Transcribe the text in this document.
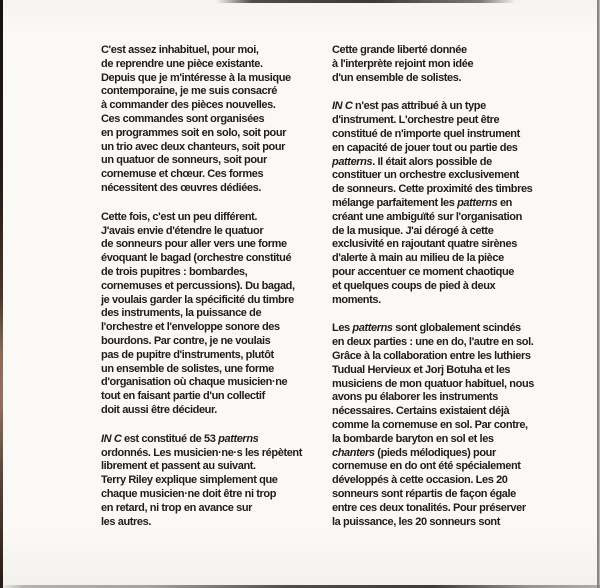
C'est assez inhabituel, pour moi,
de reprendre une pièce existante.
Depuis que je m'intéresse à la musique
contemporaine, je me suis consacré
à commander des pièces nouvelles.
Ces commandes sont organisées
en programmes soit en solo, soit pour
un trio avec deux chanteurs, soit pour
un quatuor de sonneurs, soit pour
cornemuse et chœur. Ces formes
nécessitent des œuvres dédiées.

Cette fois, c'est un peu différent.
J'avais envie d'étendre le quatuor
de sonneurs pour aller vers une forme
évoquant le bagad (orchestre constitué
de trois pupitres : bombardes,
cornemuses et percussions). Du bagad,
je voulais garder la spécificité du timbre
des instruments, la puissance de
l'orchestre et l'enveloppe sonore des
bourdons. Par contre, je ne voulais
pas de pupitre d'instruments, plutôt
un ensemble de solistes, une forme
d'organisation où chaque musicien·ne
tout en faisant partie d'un collectif
doit aussi être décideur.

IN C est constitué de 53 patterns
ordonnés. Les musicien·ne·s les répètent
librement et passent au suivant.
Terry Riley explique simplement que
chaque musicien·ne doit être ni trop
en retard, ni trop en avance sur
les autres.

Cette grande liberté donnée
à l'interprète rejoint mon idée
d'un ensemble de solistes.

IN C n'est pas attribué à un type
d'instrument. L'orchestre peut être
constitué de n'importe quel instrument
en capacité de jouer tout ou partie des
patterns. Il était alors possible de
constituer un orchestre exclusivement
de sonneurs. Cette proximité des timbres
mélange parfaitement les patterns en
créant une ambiguïté sur l'organisation
de la musique. J'ai dérogé à cette
exclusivité en rajoutant quatre sirènes
d'alerte à main au milieu de la pièce
pour accentuer ce moment chaotique
et quelques coups de pied à deux
moments.

Les patterns sont globalement scindés
en deux parties : une en do, l'autre en sol.
Grâce à la collaboration entre les luthiers
Tudual Hervieux et Jorj Botuha et les
musiciens de mon quatuor habituel, nous
avons pu élaborer les instruments
nécessaires. Certains existaient déjà
comme la cornemuse en sol. Par contre,
la bombarde baryton en sol et les
chanters (pieds mélodiques) pour
cornemuse en do ont été spécialement
développés à cette occasion. Les 20
sonneurs sont répartis de façon égale
entre ces deux tonalités. Pour préserver
la puissance, les 20 sonneurs sont
